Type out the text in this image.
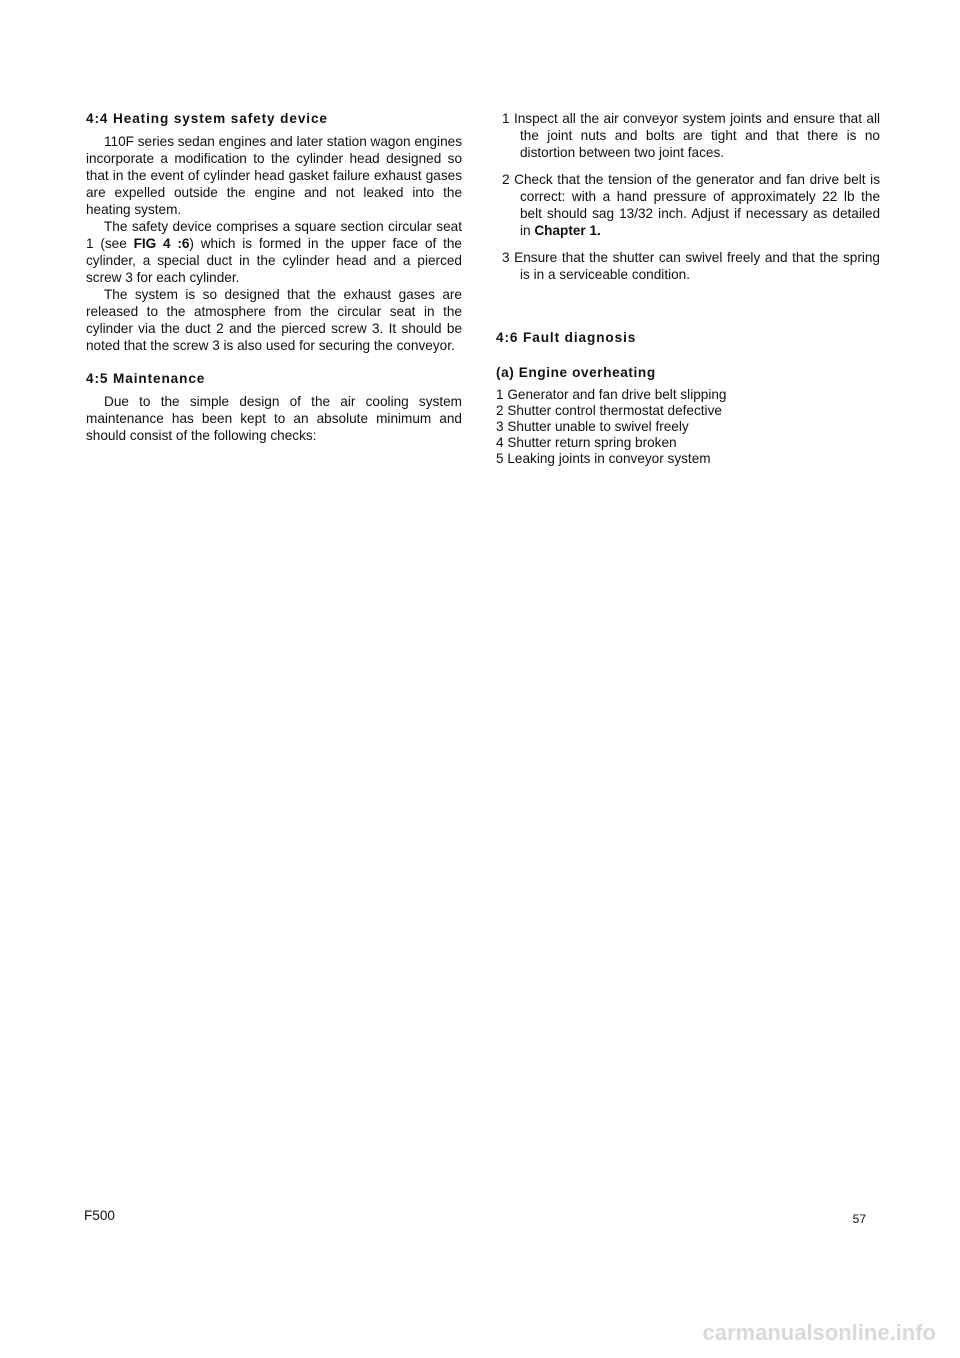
4:4 Heating system safety device

110F series sedan engines and later station wagon engines incorporate a modification to the cylinder head designed so that in the event of cylinder head gasket failure exhaust gases are expelled outside the engine and not leaked into the heating system.

The safety device comprises a square section circular seat 1 (see FIG 4 :6) which is formed in the upper face of the cylinder, a special duct in the cylinder head and a pierced screw 3 for each cylinder.

The system is so designed that the exhaust gases are released to the atmosphere from the circular seat in the cylinder via the duct 2 and the pierced screw 3. It should be noted that the screw 3 is also used for securing the conveyor.

4:5 Maintenance

Due to the simple design of the air cooling system maintenance has been kept to an absolute minimum and should consist of the following checks:

1 Inspect all the air conveyor system joints and ensure that all the joint nuts and bolts are tight and that there is no distortion between two joint faces.

2 Check that the tension of the generator and fan drive belt is correct: with a hand pressure of approximately 22 lb the belt should sag 13/32 inch. Adjust if necessary as detailed in Chapter 1.

3 Ensure that the shutter can swivel freely and that the spring is in a serviceable condition.

4:6 Fault diagnosis
(a) Engine overheating
1 Generator and fan drive belt slipping
2 Shutter control thermostat defective
3 Shutter unable to swivel freely
4 Shutter return spring broken
5 Leaking joints in conveyor system
F500	57
carmanualsonline.info
